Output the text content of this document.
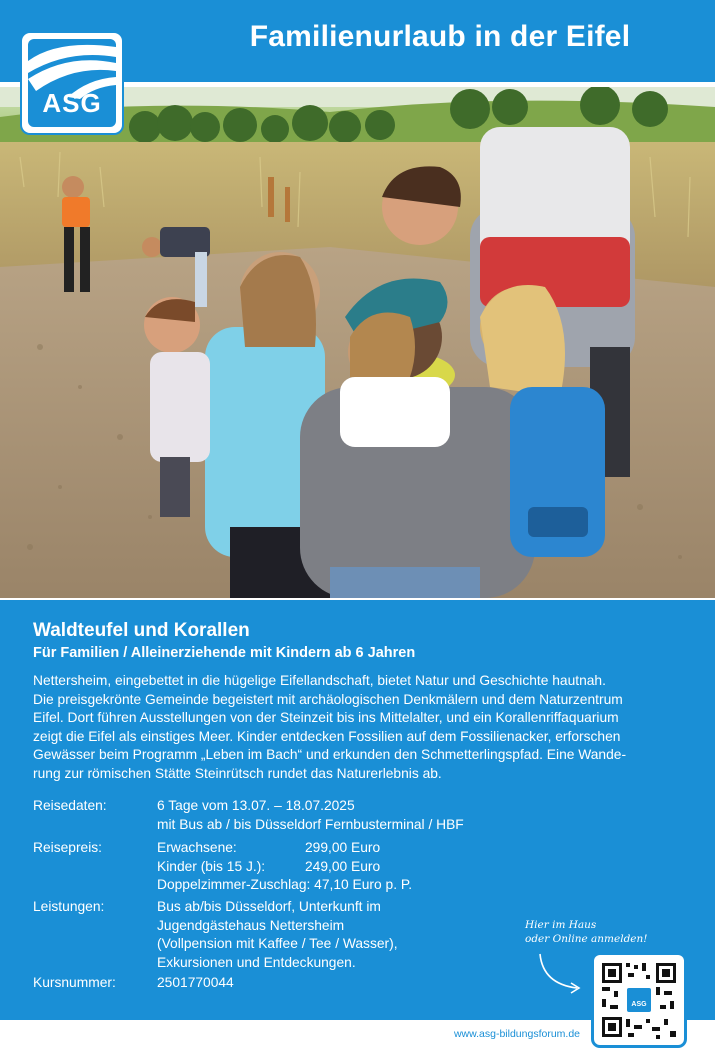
Familienurlaub in der Eifel
ASG
Waldteufel und Korallen
Für Familien / Alleinerziehende mit Kindern ab 6 Jahren
Nettersheim, eingebettet in die hügelige Eifellandschaft, bietet Natur und Geschichte hautnah.
Die preisgekrönte Gemeinde begeistert mit archäologischen Denkmälern und dem Naturzentrum
Eifel. Dort führen Ausstellungen von der Steinzeit bis ins Mittelalter, und ein Korallenriffaquarium
zeigt die Eifel als einstiges Meer. Kinder entdecken Fossilien auf dem Fossilienacker, erforschen
Gewässer beim Programm „Leben im Bach“ und erkunden den Schmetterlingspfad. Eine Wande-
rung zur römischen Stätte Steinrütsch rundet das Naturerlebnis ab.
Reisedaten:	6 Tage vom 13.07. – 18.07.2025
mit Bus ab / bis Düsseldorf Fernbusterminal / HBF
Reisepreis:	Erwachsene:	299,00 Euro
Kinder (bis 15 J.):	249,00 Euro
Doppelzimmer-Zuschlag: 47,10 Euro p. P.
Leistungen:	Bus ab/bis Düsseldorf, Unterkunft im
Jugendgästehaus Nettersheim
(Vollpension mit Kaffee / Tee / Wasser),
Exkursionen und Entdeckungen.
Kursnummer:	2501770044
Hier im Haus
oder Online anmelden!
ASG
www.asg-bildungsforum.de
